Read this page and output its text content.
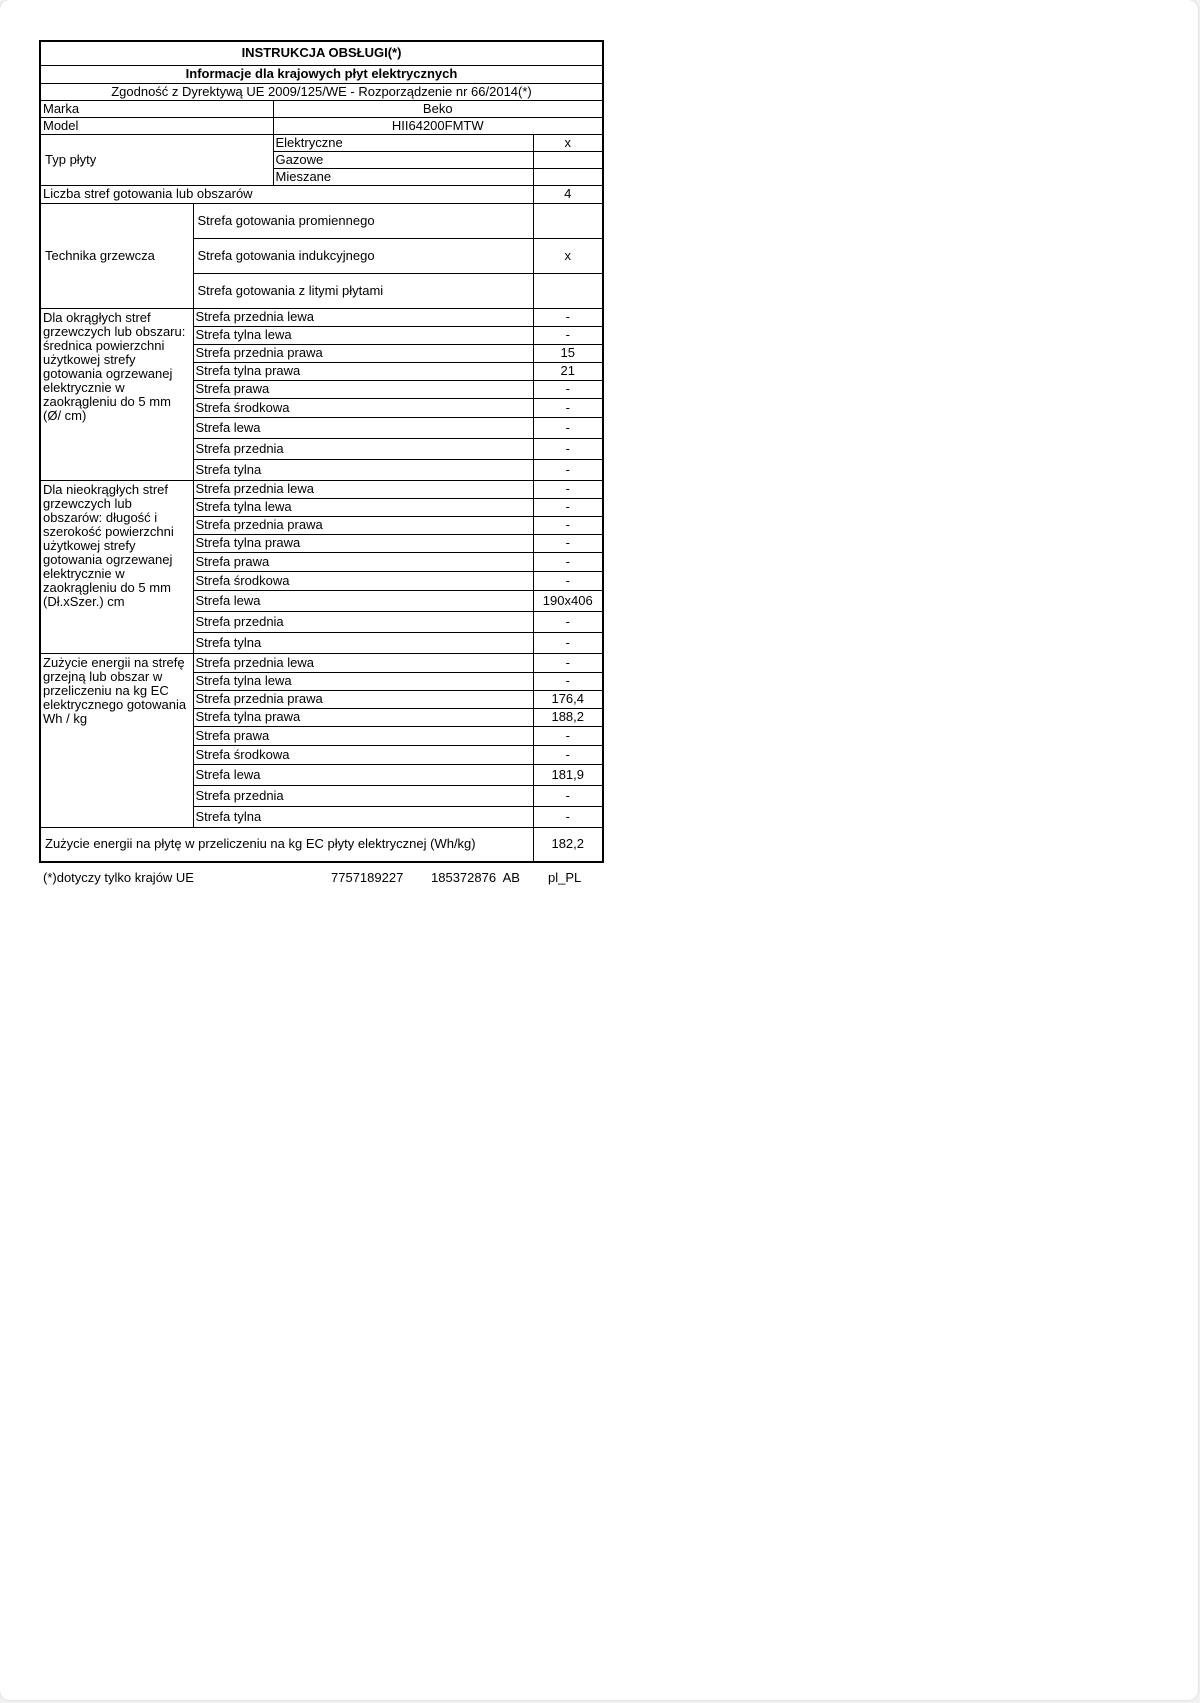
INSTRUKCJA OBSŁUGI(*)			
Informacje dla krajowych płyt elektrycznych			
Zgodność z Dyrektywą UE 2009/125/WE - Rozporządzenie nr 66/2014(*)			
Marka		Beko	
Model		HII64200FMTW	
Typ płyty		Elektryczne	x
		Gazowe	
		Mieszane	
Liczba stref gotowania lub obszarów			4
Technika grzewcza	Strefa gotowania promiennego		
	Strefa gotowania indukcyjnego		x
	Strefa gotowania z litymi płytami		
Dla okrągłych stref grzewczych lub obszaru: średnica powierzchni użytkowej strefy gotowania ogrzewanej elektrycznie w zaokrągleniu do 5 mm (Ø/ cm)	Strefa przednia lewa		-
	Strefa tylna lewa		-
	Strefa przednia prawa		15
	Strefa tylna prawa		21
	Strefa prawa		-
	Strefa środkowa		-
	Strefa lewa		-
	Strefa przednia		-
	Strefa tylna		-
Dla nieokrągłych stref grzewczych lub obszarów: długość i szerokość powierzchni użytkowej strefy gotowania ogrzewanej elektrycznie w zaokrągleniu do 5 mm (Dł.xSzer.) cm	Strefa przednia lewa		-
	Strefa tylna lewa		-
	Strefa przednia prawa		-
	Strefa tylna prawa		-
	Strefa prawa		-
	Strefa środkowa		-
	Strefa lewa		190x406
	Strefa przednia		-
	Strefa tylna		-
Zużycie energii na strefę grzejną lub obszar w przeliczeniu na kg EC elektrycznego gotowania Wh / kg	Strefa przednia lewa		-
	Strefa tylna lewa		-
	Strefa przednia prawa		176,4
	Strefa tylna prawa		188,2
	Strefa prawa		-
	Strefa środkowa		-
	Strefa lewa		181,9
	Strefa przednia		-
	Strefa tylna		-
Zużycie energii na płytę w przeliczeniu na kg EC płyty elektrycznej (Wh/kg)			182,2
(*)dotyczy tylko krajów UE	7757189227 185372876  AB pl_PL
